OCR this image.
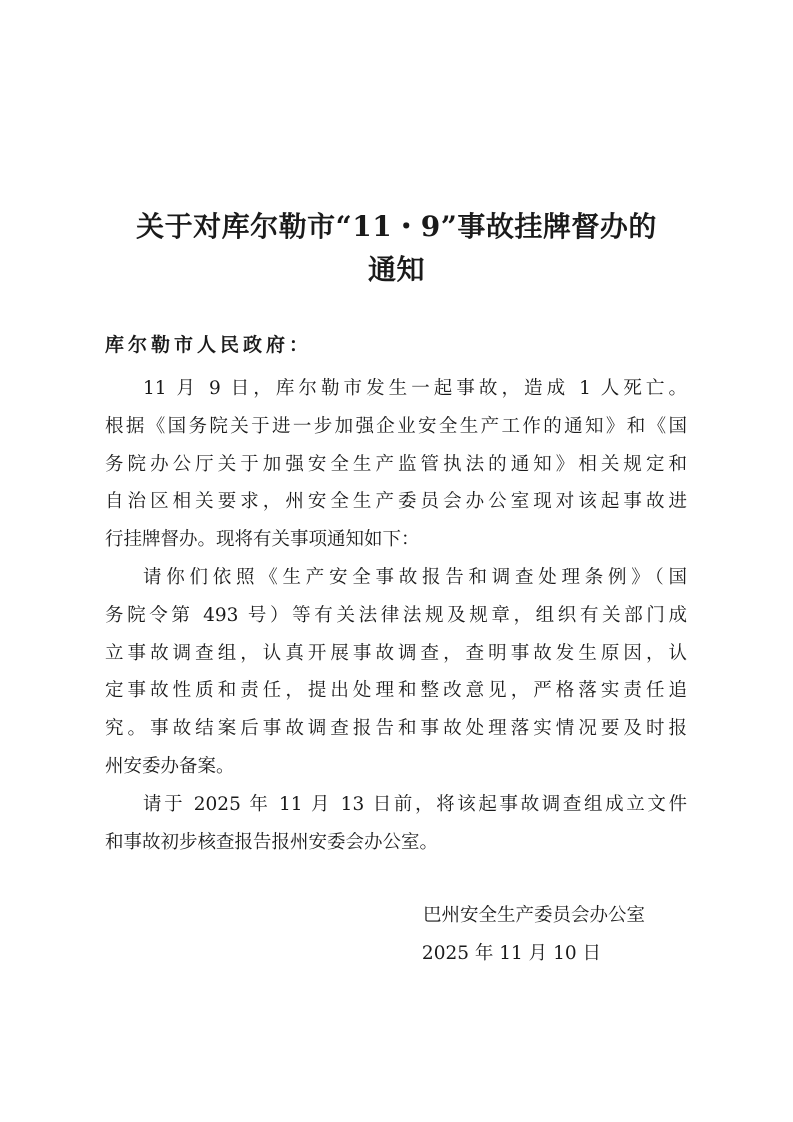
关于对库尔勒市“11・9”事故挂牌督办的
通知
库尔勒市人民政府：
11 月 9 日，库尔勒市发生一起事故，造成 1 人死亡。
根据《国务院关于进一步加强企业安全生产工作的通知》和《国
务院办公厅关于加强安全生产监管执法的通知》相关规定和
自治区相关要求，州安全生产委员会办公室现对该起事故进
行挂牌督办。现将有关事项通知如下：
请你们依照《生产安全事故报告和调查处理条例》（国
务院令第 493 号）等有关法律法规及规章，组织有关部门成
立事故调查组，认真开展事故调查，查明事故发生原因，认
定事故性质和责任，提出处理和整改意见，严格落实责任追
究。事故结案后事故调查报告和事故处理落实情况要及时报
州安委办备案。
请于 2025 年 11 月 13 日前，将该起事故调查组成立文件
和事故初步核查报告报州安委会办公室。
巴州安全生产委员会办公室
2025 年 11 月 10 日
